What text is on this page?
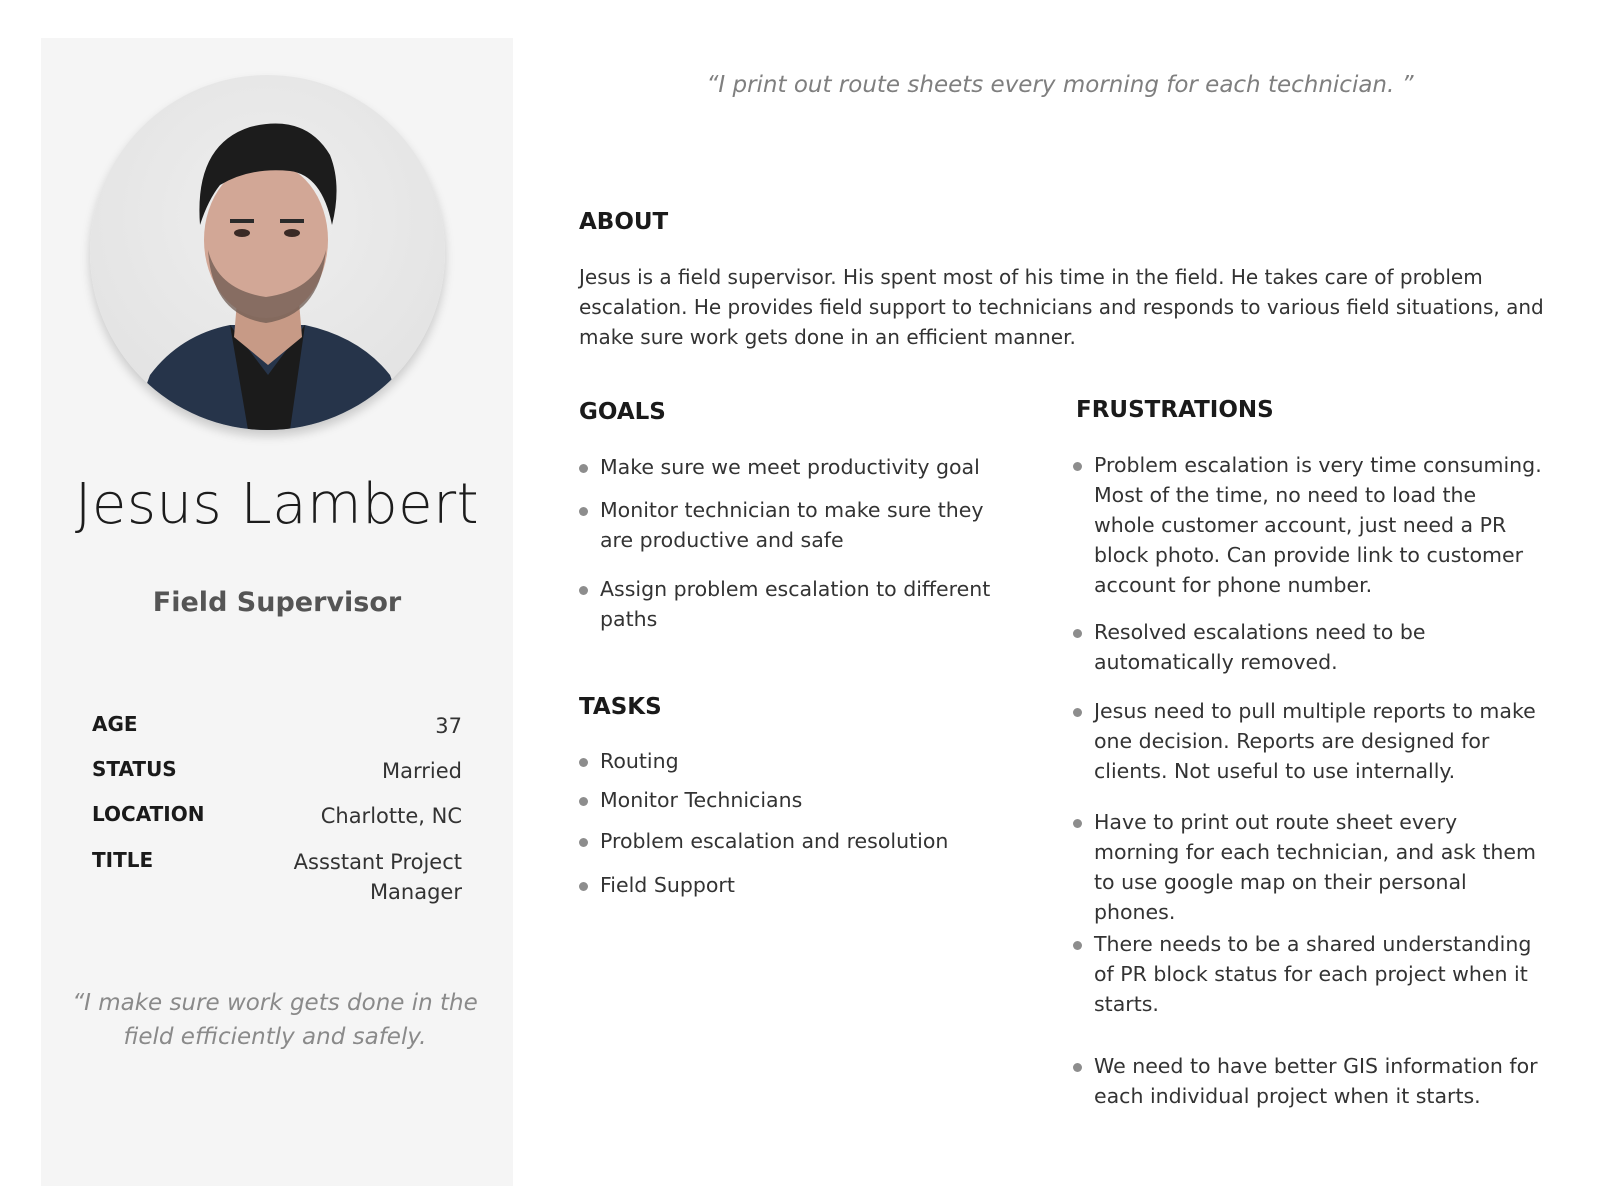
Jesus Lambert
Field Supervisor
AGE	37
STATUS	Married
LOCATION	Charlotte, NC
TITLE	Assstant Project Manager
“I make sure work gets done in the field efficiently and safely.
“I print out route sheets every morning for each technician. ”
ABOUT
Jesus is a field supervisor. His spent most of his time in the field. He takes care of problem escalation. He provides field support to technicians and responds to various field situations, and make sure work gets done in an efficient manner.
GOALS
Make sure we meet productivity goal
Monitor technician to make sure they are productive and safe
Assign problem escalation to different paths
TASKS
Routing
Monitor Technicians
Problem escalation and resolution
Field Support
FRUSTRATIONS
Problem escalation is very time consuming. Most of the time, no need to load the whole customer account, just need a PR block photo. Can provide link to customer account for phone number.
Resolved escalations need to be automatically removed.
Jesus need to pull multiple reports to make one decision. Reports are designed for clients. Not useful to use internally.
Have to print out route sheet every morning for each technician, and ask them to use google map on their personal phones.
There needs to be a shared understanding of PR block status for each project when it starts.
We need to have better GIS information for each individual project when it starts.
